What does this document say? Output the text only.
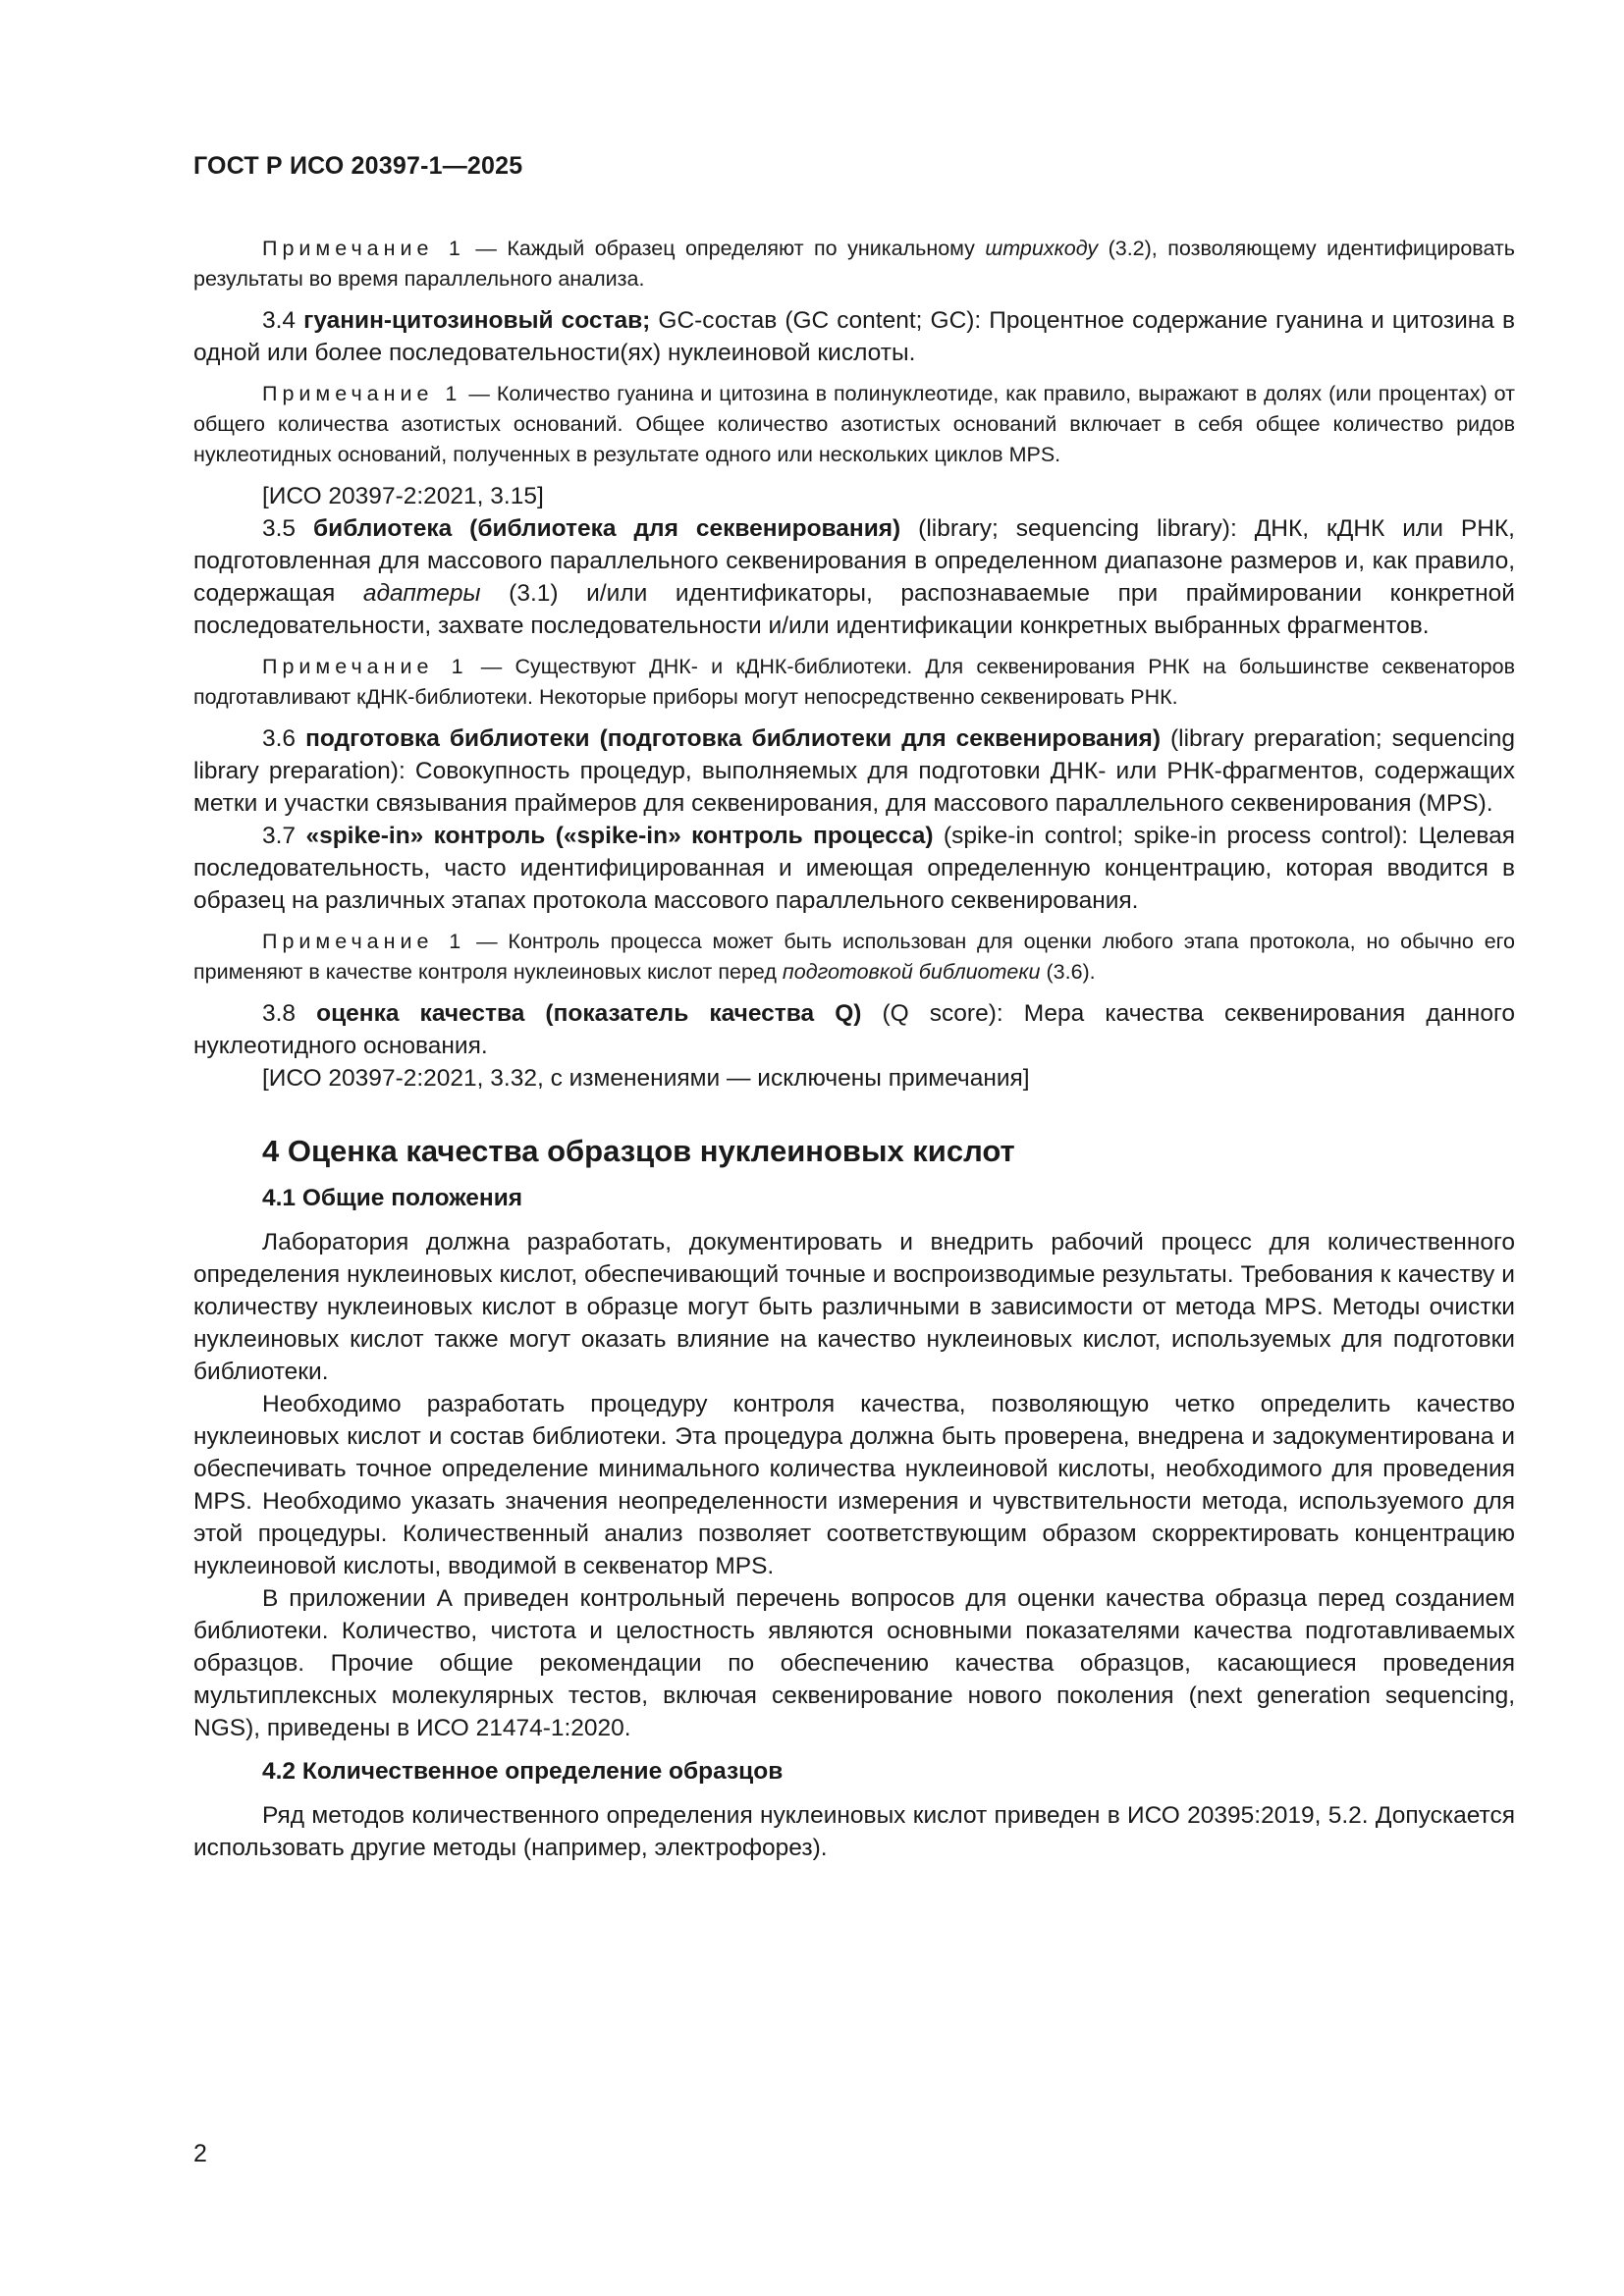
ГОСТ Р ИСО 20397-1—2025

Примечание 1 — Каждый образец определяют по уникальному штрихкоду (3.2), позволяющему идентифицировать результаты во время параллельного анализа.

3.4 гуанин-цитозиновый состав; GC-состав (GC content; GC): Процентное содержание гуанина и цитозина в одной или более последовательности(ях) нуклеиновой кислоты.

Примечание 1 — Количество гуанина и цитозина в полинуклеотиде, как правило, выражают в долях (или процентах) от общего количества азотистых оснований. Общее количество азотистых оснований включает в себя общее количество ридов нуклеотидных оснований, полученных в результате одного или нескольких циклов MPS.

[ИСО 20397-2:2021, 3.15]

3.5 библиотека (библиотека для секвенирования) (library; sequencing library): ДНК, кДНК или РНК, подготовленная для массового параллельного секвенирования в определенном диапазоне размеров и, как правило, содержащая адаптеры (3.1) и/или идентификаторы, распознаваемые при праймировании конкретной последовательности, захвате последовательности и/или идентификации конкретных выбранных фрагментов.

Примечание 1 — Существуют ДНК- и кДНК-библиотеки. Для секвенирования РНК на большинстве секвенаторов подготавливают кДНК-библиотеки. Некоторые приборы могут непосредственно секвенировать РНК.

3.6 подготовка библиотеки (подготовка библиотеки для секвенирования) (library preparation; sequencing library preparation): Совокупность процедур, выполняемых для подготовки ДНК- или РНК-фрагментов, содержащих метки и участки связывания праймеров для секвенирования, для массового параллельного секвенирования (MPS).

3.7 «spike-in» контроль («spike-in» контроль процесса) (spike-in control; spike-in process control): Целевая последовательность, часто идентифицированная и имеющая определенную концентрацию, которая вводится в образец на различных этапах протокола массового параллельного секвенирования.

Примечание 1 — Контроль процесса может быть использован для оценки любого этапа протокола, но обычно его применяют в качестве контроля нуклеиновых кислот перед подготовкой библиотеки (3.6).

3.8 оценка качества (показатель качества Q) (Q score): Мера качества секвенирования данного нуклеотидного основания.

[ИСО 20397-2:2021, 3.32, с изменениями — исключены примечания]

4 Оценка качества образцов нуклеиновых кислот
4.1 Общие положения

Лаборатория должна разработать, документировать и внедрить рабочий процесс для количественного определения нуклеиновых кислот, обеспечивающий точные и воспроизводимые результаты. Требования к качеству и количеству нуклеиновых кислот в образце могут быть различными в зависимости от метода MPS. Методы очистки нуклеиновых кислот также могут оказать влияние на качество нуклеиновых кислот, используемых для подготовки библиотеки.

Необходимо разработать процедуру контроля качества, позволяющую четко определить качество нуклеиновых кислот и состав библиотеки. Эта процедура должна быть проверена, внедрена и задокументирована и обеспечивать точное определение минимального количества нуклеиновой кислоты, необходимого для проведения MPS. Необходимо указать значения неопределенности измерения и чувствительности метода, используемого для этой процедуры. Количественный анализ позволяет соответствующим образом скорректировать концентрацию нуклеиновой кислоты, вводимой в секвенатор MPS.

В приложении А приведен контрольный перечень вопросов для оценки качества образца перед созданием библиотеки. Количество, чистота и целостность являются основными показателями качества подготавливаемых образцов. Прочие общие рекомендации по обеспечению качества образцов, касающиеся проведения мультиплексных молекулярных тестов, включая секвенирование нового поколения (next generation sequencing, NGS), приведены в ИСО 21474-1:2020.

4.2 Количественное определение образцов

Ряд методов количественного определения нуклеиновых кислот приведен в ИСО 20395:2019, 5.2. Допускается использовать другие методы (например, электрофорез).

2
